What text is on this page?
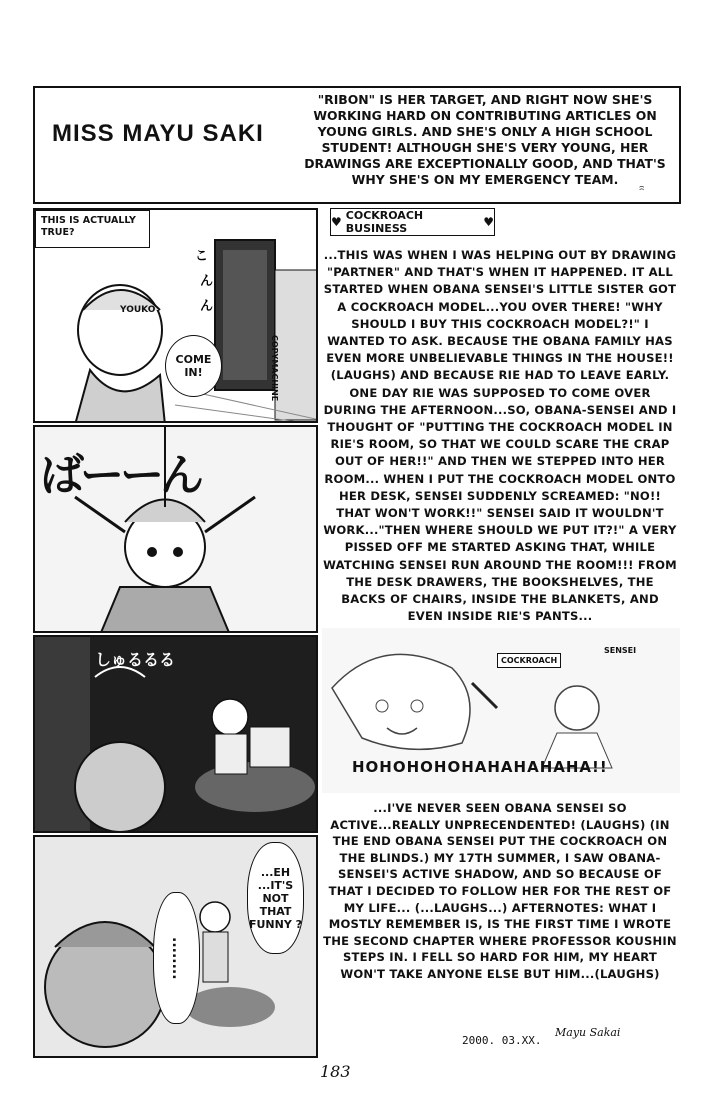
MISS MAYU SAKI
"RIBON" IS HER TARGET, AND RIGHT NOW SHE'S WORKING HARD ON CONTRIBUTING ARTICLES ON YOUNG GIRLS. AND SHE'S ONLY A HIGH SCHOOL STUDENT! ALTHOUGH SHE'S VERY YOUNG, HER DRAWINGS ARE EXCEPTIONALLY GOOD, AND THAT'S WHY SHE'S ON MY EMERGENCY TEAM.
THIS IS ACTUALLY TRUE?
こ
ん
ん
YOUKO
COME IN!	COPYMACHINE
ばーーん
しゅるるる
...EH ...IT'S NOT THAT FUNNY ?
........
♥ COCKROACH BUSINESS	♥
...THIS WAS WHEN I WAS HELPING OUT BY DRAWING "PARTNER" AND THAT'S WHEN IT HAPPENED. IT ALL STARTED WHEN OBANA SENSEI'S LITTLE SISTER GOT A COCKROACH MODEL...YOU OVER THERE! "WHY SHOULD I BUY THIS COCKROACH MODEL?!" I WANTED TO ASK. BECAUSE THE OBANA FAMILY HAS EVEN MORE UNBELIEVABLE THINGS IN THE HOUSE!! (LAUGHS) AND BECAUSE RIE HAD TO LEAVE EARLY. ONE DAY RIE WAS SUPPOSED TO COME OVER DURING THE AFTERNOON...SO, OBANA-SENSEI AND I THOUGHT OF "PUTTING THE COCKROACH MODEL IN RIE'S ROOM, SO THAT WE COULD SCARE THE CRAP OUT OF HER!!" AND THEN WE STEPPED INTO HER ROOM... WHEN I PUT THE COCKROACH MODEL ONTO HER DESK, SENSEI SUDDENLY SCREAMED: "NO!! THAT WON'T WORK!!" SENSEI SAID IT WOULDN'T WORK..."THEN WHERE SHOULD WE PUT IT?!" A VERY PISSED OFF ME STARTED ASKING THAT, WHILE WATCHING SENSEI RUN AROUND THE ROOM!!! FROM THE DESK DRAWERS, THE BOOKSHELVES, THE BACKS OF CHAIRS, INSIDE THE BLANKETS, AND EVEN INSIDE RIE'S PANTS...
COCKROACH
SENSEI
HOHOHOHOHAHAHAHAHA!!
...I'VE NEVER SEEN OBANA SENSEI SO ACTIVE...REALLY UNPRECENDENTED! (LAUGHS) (IN THE END OBANA SENSEI PUT THE COCKROACH ON THE BLINDS.) MY 17TH SUMMER, I SAW OBANA-SENSEI'S ACTIVE SHADOW, AND SO BECAUSE OF THAT I DECIDED TO FOLLOW HER FOR THE REST OF MY LIFE... (...LAUGHS...) AFTERNOTES: WHAT I MOSTLY REMEMBER IS, IS THE FIRST TIME I WROTE THE SECOND CHAPTER WHERE PROFESSOR KOUSHIN STEPS IN. I FELL SO HARD FOR HIM, MY HEART WON'T TAKE ANYONE ELSE BUT HIM...(LAUGHS)
2000. 03.XX.
Mayu Sakai
183
